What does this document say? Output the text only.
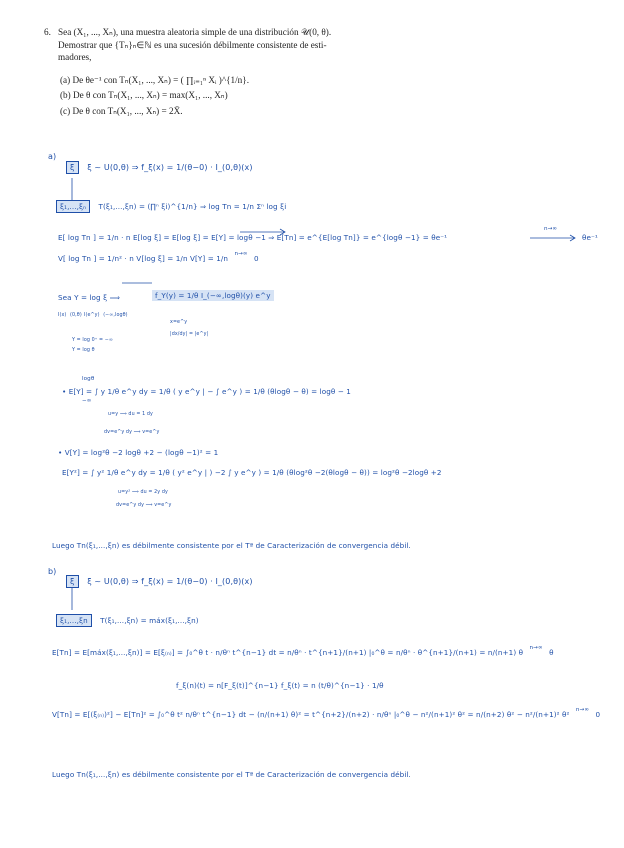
6. Sea (X₁, ..., Xₙ), una muestra aleatoria simple de una distribución 𝒰(0, θ).
Demostrar que {Tₙ}ₙ∈ℕ es una sucesión débilmente consistente de esti-
madores,
(a) De θe⁻¹ con Tₙ(X₁, ..., Xₙ) = ( ∏ᵢ₌₁ⁿ Xᵢ )^{1/n}.
(b) De θ con Tₙ(X₁, ..., Xₙ) = max(X₁, ..., Xₙ)
(c) De θ con Tₙ(X₁, ..., Xₙ) = 2X̄.
a)
ξ ξ ~ U(0,θ) ⇒ f_ξ(x) = 1/(θ−0) · I_(0,θ)(x)
ξ₁,...,ξₙ T(ξ₁,...,ξn) = (∏ⁿ ξi)^{1/n} ⇒ log Tn = 1/n Σⁿ log ξi
E[ log Tn ] = 1/n · n E[log ξ] = E[log ξ] = E[Y] = logθ −1 ⇒ E[Tn] = e^{E[log Tn]} = e^{logθ −1} = θe⁻¹
n→∞
θe⁻¹
V[ log Tn ] = 1/n² · n V[log ξ] = 1/n V[Y] = 1/n $^{n\to\infty}$ 0
Sea Y = log ξ ⟹	f_Y(y) = 1/θ I_(−∞,logθ)(y) e^y
I(x) (0,θ) I(e^y) (−∞,logθ)
x=e^y
|dx/dy| = |e^y|
Y = log 0⁺ = −∞
Y = log θ
logθ
• E[Y] = ∫ y 1/θ e^y dy = 1/θ ( y e^y | − ∫ e^y ) = 1/θ (θlogθ − θ) = logθ − 1
−∞
u=y ⟹ du = 1 dy
dv=e^y dy ⟹ v=e^y
• V[Y] = log²θ −2 logθ +2 − (logθ −1)² = 1
E[Y²] = ∫ y² 1/θ e^y dy = 1/θ ( y² e^y | ) −2 ∫ y e^y ) = 1/θ (θlog²θ −2(θlogθ − θ)) = log²θ −2logθ +2
u=y² ⟹ du = 2y dy
dv=e^y dy ⟹ v=e^y
Luego Tn(ξ₁,...,ξn) es débilmente consistente por el Tª de Caracterización de convergencia débil.
b)
ξ ξ ~ U(0,θ) ⇒ f_ξ(x) = 1/(θ−0) · I_(0,θ)(x)
ξ₁,...,ξn T(ξ₁,...,ξn) = máx(ξ₁,...,ξn)
E[Tn] = E[máx(ξ₁,...,ξn)] = E[ξ₍ₙ₎] = ∫₀^θ t · n/θⁿ t^{n−1} dt = n/θⁿ · t^{n+1}/(n+1) |₀^θ = n/θⁿ · θ^{n+1}/(n+1) = n/(n+1) θ $^{n\to\infty}$ θ
f_ξ(n)(t) = n[F_ξ(t)]^{n−1} f_ξ(t) = n (t/θ)^{n−1} · 1/θ
V[Tn] = E[(ξ₍ₙ₎)²] − E[Tn]² = ∫₀^θ t² n/θⁿ t^{n−1} dt − (n/(n+1) θ)² = t^{n+2}/(n+2) · n/θⁿ |₀^θ − n²/(n+1)² θ² = n/(n+2) θ² − n²/(n+1)² θ² $^{n\to\infty}$ 0
Luego Tn(ξ₁,...,ξn) es débilmente consistente por el Tª de Caracterización de convergencia débil.
